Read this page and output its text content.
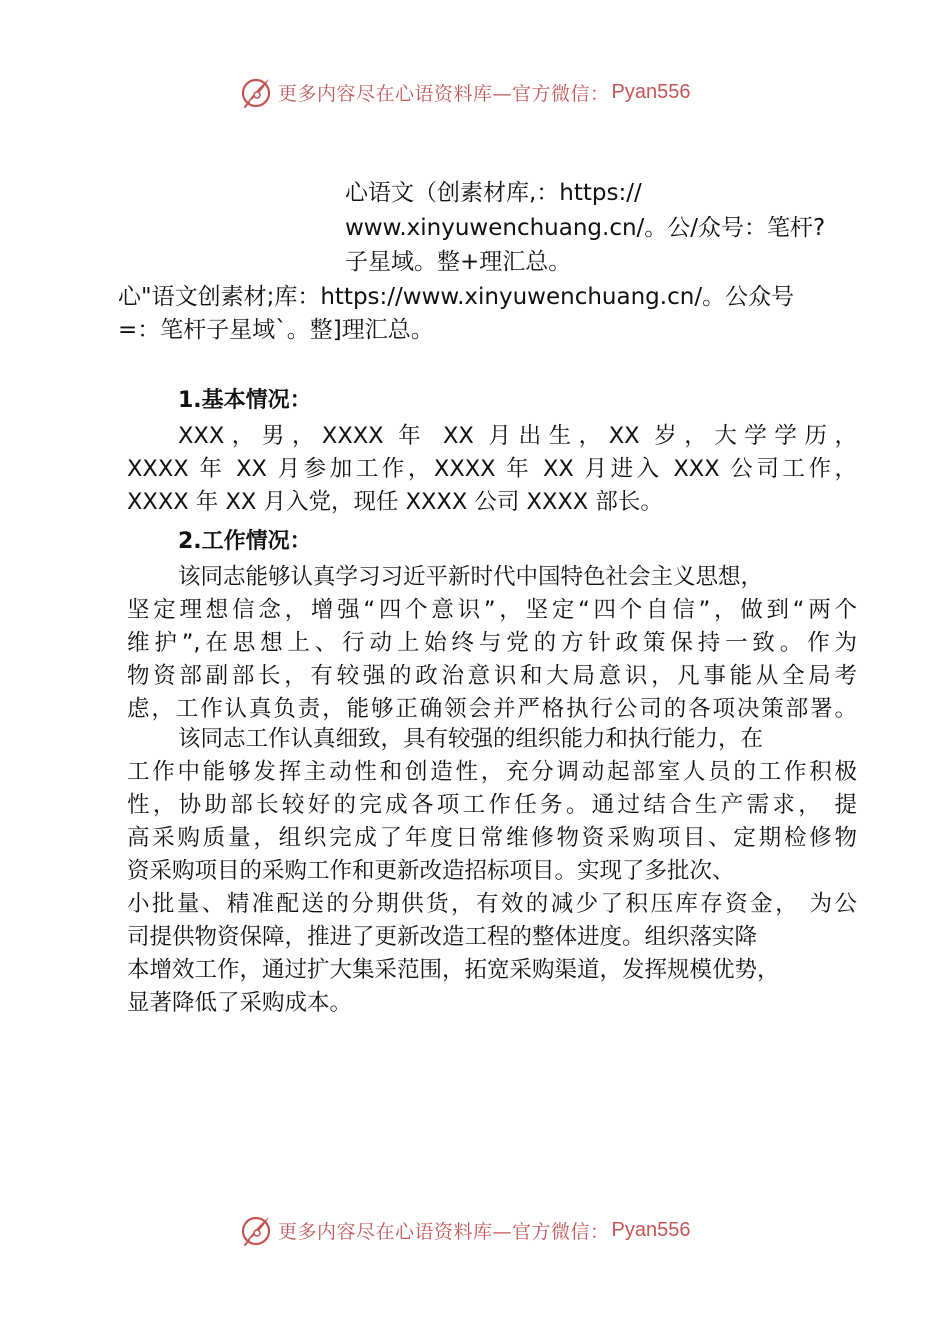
更多内容尽在心语资料库—官方微信： Pyan556
心语文（创素材库,：https://
www.xinyuwenchuang.cn/。公/众号：笔杆?
子星域。整+理汇总。
心"语文创素材;库：https://www.xinyuwenchuang.cn/。公众号
=：笔杆子星域`。整]理汇总。
1.基本情况：
XXX，男，XXXX 年 XX 月出生，XX 岁，大学学历，
XXXX 年 XX 月参加工作，XXXX 年 XX 月进入 XXX 公司工作，
XXXX 年 XX 月入党，现任 XXXX 公司 XXXX 部长。
2.工作情况：
该同志能够认真学习习近平新时代中国特色社会主义思想，
坚定理想信念，增强“四个意识”，坚定“四个自信”，做到“两个
维护”,在思想上、行动上始终与党的方针政策保持一致。作为
物资部副部长，有较强的政治意识和大局意识，凡事能从全局考
虑，工作认真负责，能够正确领会并严格执行公司的各项决策部署。
该同志工作认真细致，具有较强的组织能力和执行能力，在
工作中能够发挥主动性和创造性，充分调动起部室人员的工作积极
性，协助部长较好的完成各项工作任务。通过结合生产需求， 提
高采购质量，组织完成了年度日常维修物资采购项目、定期检修物
资采购项目的采购工作和更新改造招标项目。实现了多批次、
小批量、精准配送的分期供货，有效的减少了积压库存资金， 为公
司提供物资保障，推进了更新改造工程的整体进度。组织落实降
本增效工作，通过扩大集采范围，拓宽采购渠道，发挥规模优势，
显著降低了采购成本。
更多内容尽在心语资料库—官方微信： Pyan556
